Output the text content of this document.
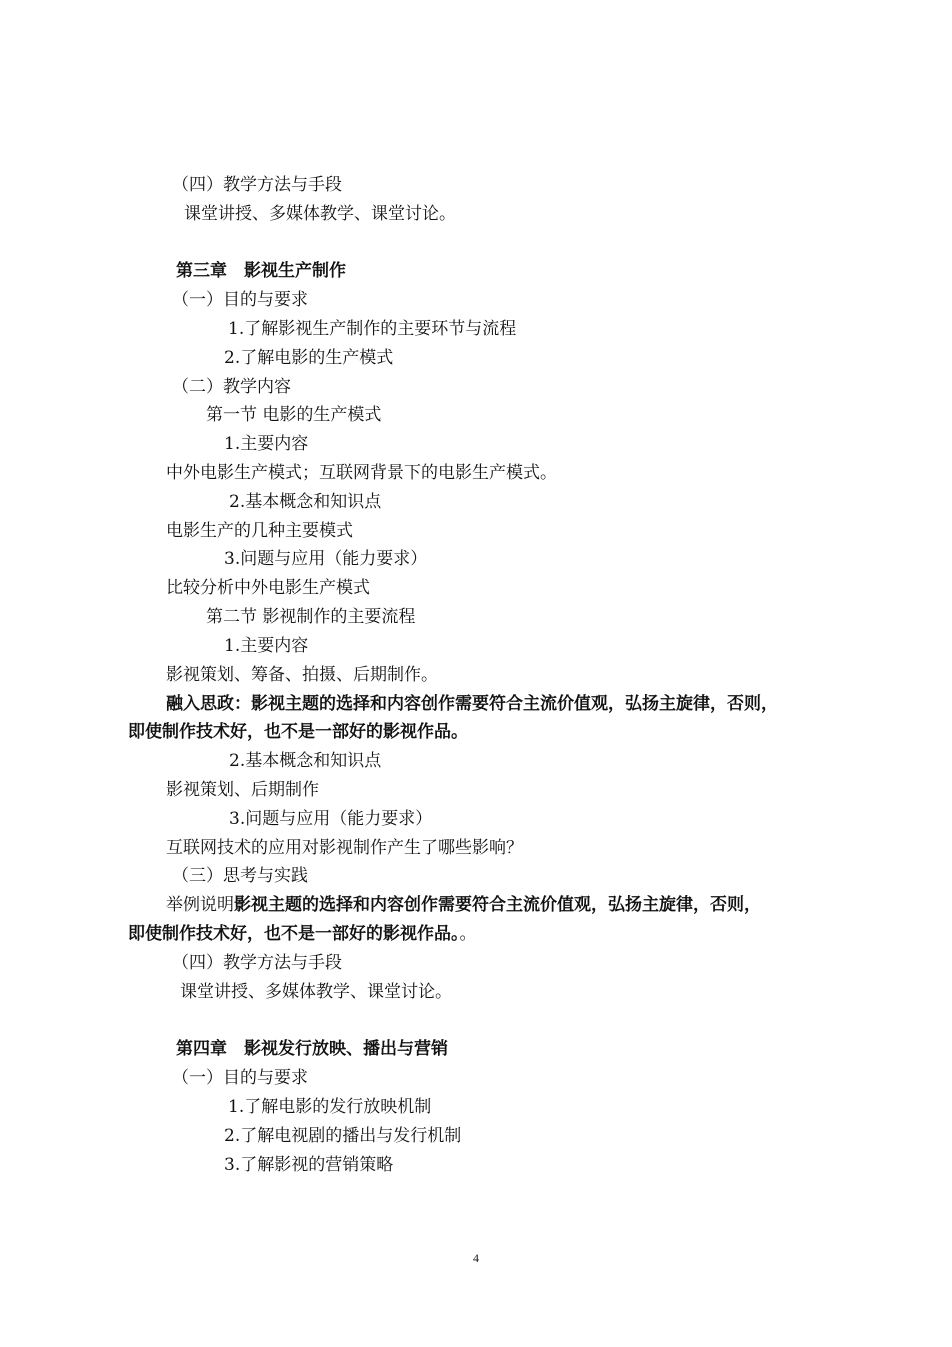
（四）教学方法与手段
课堂讲授、多媒体教学、课堂讨论。
第三章　影视生产制作
（一）目的与要求
1.了解影视生产制作的主要环节与流程
2.了解电影的生产模式
（二）教学内容
第一节 电影的生产模式
1.主要内容
中外电影生产模式；互联网背景下的电影生产模式。
2.基本概念和知识点
电影生产的几种主要模式
3.问题与应用（能力要求）
比较分析中外电影生产模式
第二节 影视制作的主要流程
1.主要内容
影视策划、筹备、拍摄、后期制作。
融入思政：影视主题的选择和内容创作需要符合主流价值观，弘扬主旋律，否则，
即使制作技术好，也不是一部好的影视作品。
2.基本概念和知识点
影视策划、后期制作
3.问题与应用（能力要求）
互联网技术的应用对影视制作产生了哪些影响？
（三）思考与实践
举例说明影视主题的选择和内容创作需要符合主流价值观，弘扬主旋律，否则，
即使制作技术好，也不是一部好的影视作品。。
（四）教学方法与手段
课堂讲授、多媒体教学、课堂讨论。
第四章　影视发行放映、播出与营销
（一）目的与要求
1.了解电影的发行放映机制
2.了解电视剧的播出与发行机制
3.了解影视的营销策略
4
